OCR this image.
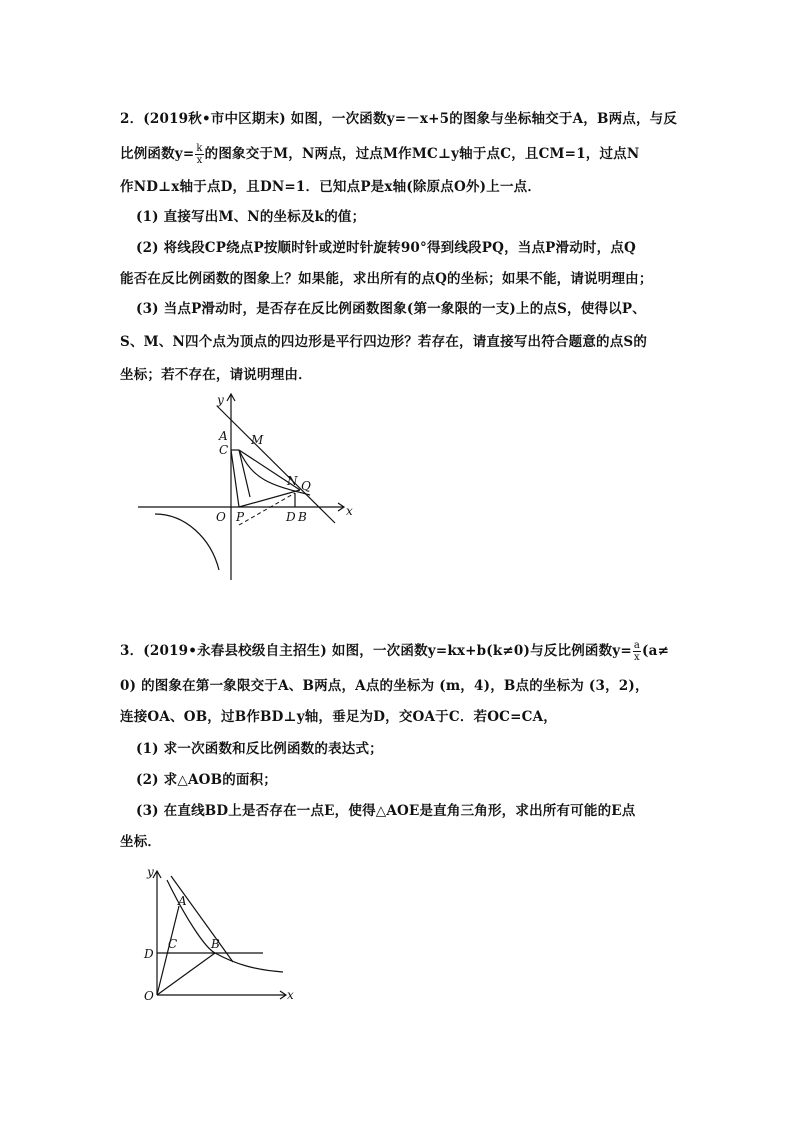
2．(2019秋•市中区期末) 如图，一次函数y=－x+5的图象与坐标轴交于A，B两点，与反
比例函数$y= \frac{k}{x}$ 的图象交于M，N两点，过点M作MC⊥y轴于点C，且CM=1，过点N
作ND⊥x轴于点D，且DN=1．已知点P是x轴(除原点O外)上一点．
(1) 直接写出M、N的坐标及k的值；
(2) 将线段CP绕点P按顺时针或逆时针旋转90°得到线段PQ，当点P滑动时，点Q
能否在反比例函数的图象上？如果能，求出所有的点Q的坐标；如果不能，请说明理由；
(3) 当点P滑动时，是否存在反比例函数图象(第一象限的一支)上的点S，使得以P、
S、M、N四个点为顶点的四边形是平行四边形？若存在，请直接写出符合题意的点S的
坐标；若不存在，请说明理由．
y
x
A
C
M
N Q
O P	D B
3．(2019•永春县校级自主招生) 如图，一次函数y=kx+b(k≠0)与反比例函数$y= \frac{a}{x} (a\ne$
0) 的图象在第一象限交于A、B两点，A点的坐标为 (m，4)，B点的坐标为 (3，2)，
连接OA、OB，过B作BD⊥y轴，垂足为D，交OA于C．若OC=CA，
(1) 求一次函数和反比例函数的表达式；
(2) 求△AOB的面积；
(3) 在直线BD上是否存在一点E，使得△AOE是直角三角形，求出所有可能的E点
坐标．
y
x
A
C	B
D
O
